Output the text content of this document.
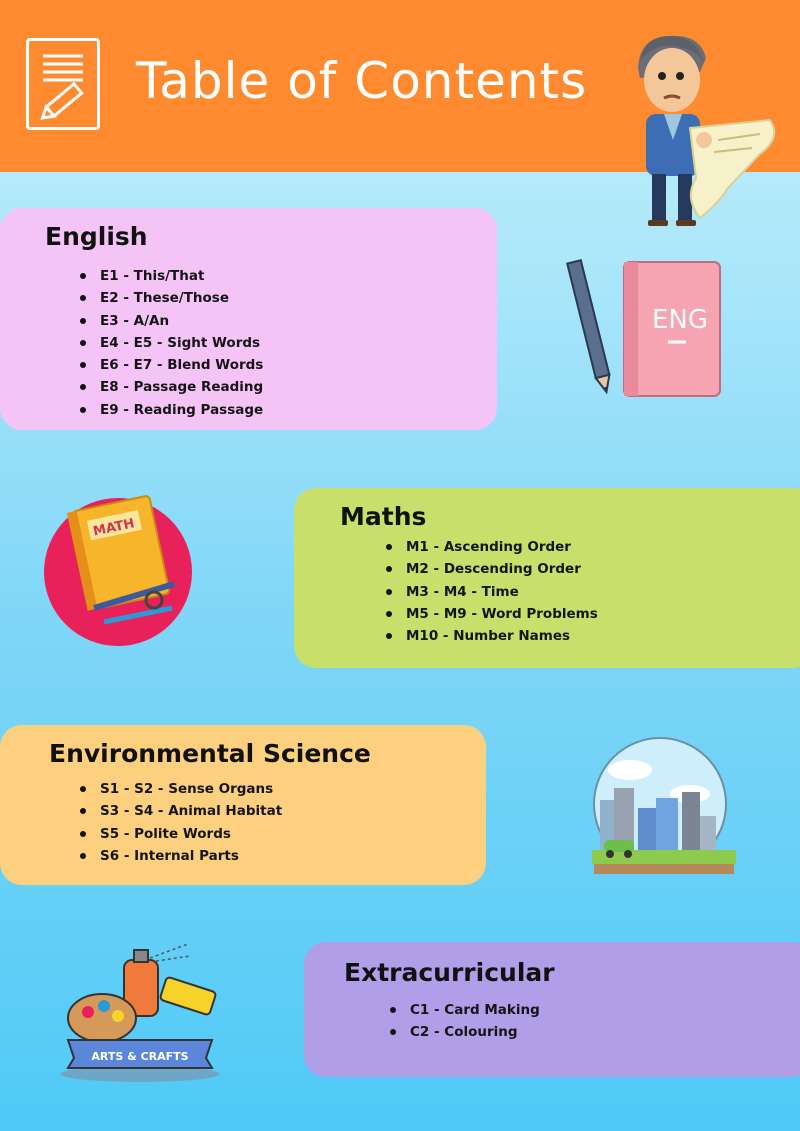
Table of Contents
English
E1 - This/That
E2 - These/Those
E3 - A/An
E4 - E5 - Sight Words
E6 - E7 - Blend Words
E8 - Passage Reading
E9 - Reading Passage
ENG
Maths
M1 - Ascending Order
M2 - Descending Order
M3 - M4 - Time
M5 - M9 - Word Problems
M10 - Number Names
MATH
Environmental Science
S1 - S2 - Sense Organs
S3 - S4 - Animal Habitat
S5 - Polite Words
S6 - Internal Parts
ARTS & CRAFTS
Extracurricular
C1 - Card Making
C2 - Colouring
